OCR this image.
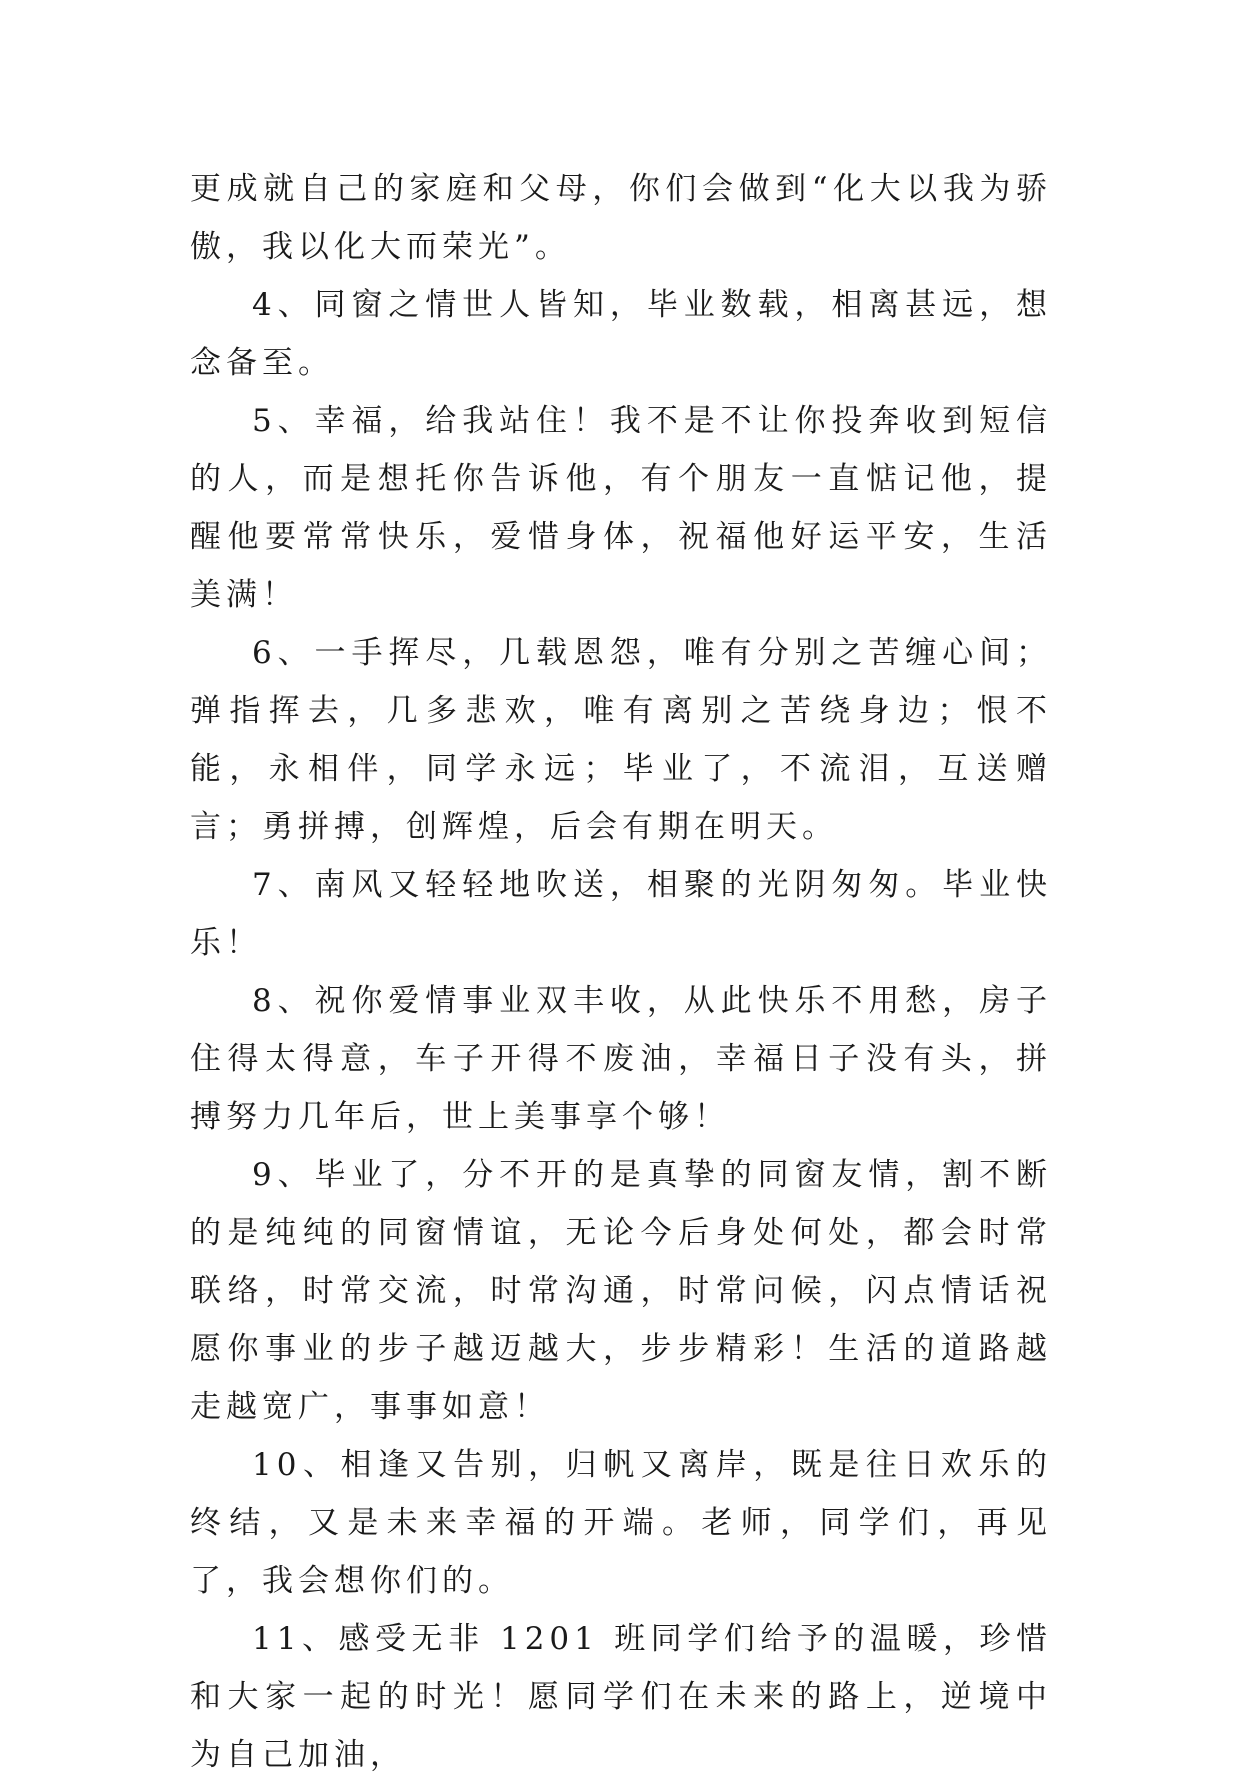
更成就自己的家庭和父母，你们会做到“化大以我为骄傲，我以化大而荣光”。

4、同窗之情世人皆知，毕业数载，相离甚远，想念备至。

5、幸福，给我站住！我不是不让你投奔收到短信的人，而是想托你告诉他，有个朋友一直惦记他，提醒他要常常快乐，爱惜身体，祝福他好运平安，生活美满！

6、一手挥尽，几载恩怨，唯有分别之苦缠心间；弹指挥去，几多悲欢，唯有离别之苦绕身边；恨不能，永相伴，同学永远；毕业了，不流泪，互送赠言；勇拼搏，创辉煌，后会有期在明天。

7、南风又轻轻地吹送，相聚的光阴匆匆。毕业快乐！

8、祝你爱情事业双丰收，从此快乐不用愁，房子住得太得意，车子开得不废油，幸福日子没有头，拼搏努力几年后，世上美事享个够！

9、毕业了，分不开的是真挚的同窗友情，割不断的是纯纯的同窗情谊，无论今后身处何处，都会时常联络，时常交流，时常沟通，时常问候，闪点情话祝愿你事业的步子越迈越大，步步精彩！生活的道路越走越宽广，事事如意！

10、相逢又告别，归帆又离岸，既是往日欢乐的终结，又是未来幸福的开端。老师，同学们，再见了，我会想你们的。

11、感受无非 1201 班同学们给予的温暖，珍惜和大家一起的时光！愿同学们在未来的路上，逆境中为自己加油，
